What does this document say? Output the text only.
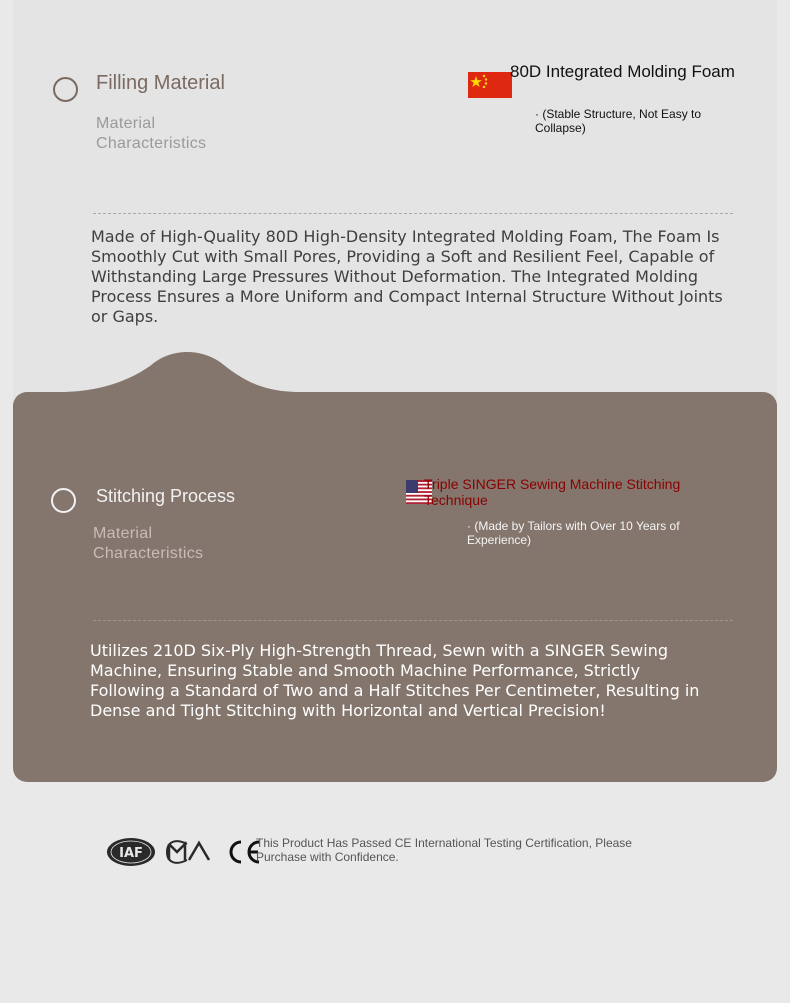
Filling Material
Material
Characteristics
80D Integrated Molding Foam
· (Stable Structure, Not Easy to Collapse)
Made of High-Quality 80D High-Density Integrated Molding Foam, The Foam Is Smoothly Cut with Small Pores, Providing a Soft and Resilient Feel, Capable of Withstanding Large Pressures Without Deformation. The Integrated Molding Process Ensures a More Uniform and Compact Internal Structure Without Joints or Gaps.
Stitching Process
Material
Characteristics
Triple SINGER Sewing Machine Stitching Technique
· (Made by Tailors with Over 10 Years of Experience)
Utilizes 210D Six-Ply High-Strength Thread, Sewn with a SINGER Sewing Machine, Ensuring Stable and Smooth Machine Performance, Strictly Following a Standard of Two and a Half Stitches Per Centimeter, Resulting in Dense and Tight Stitching with Horizontal and Vertical Precision!
IAF
This Product Has Passed CE International Testing Certification, Please Purchase with Confidence.
